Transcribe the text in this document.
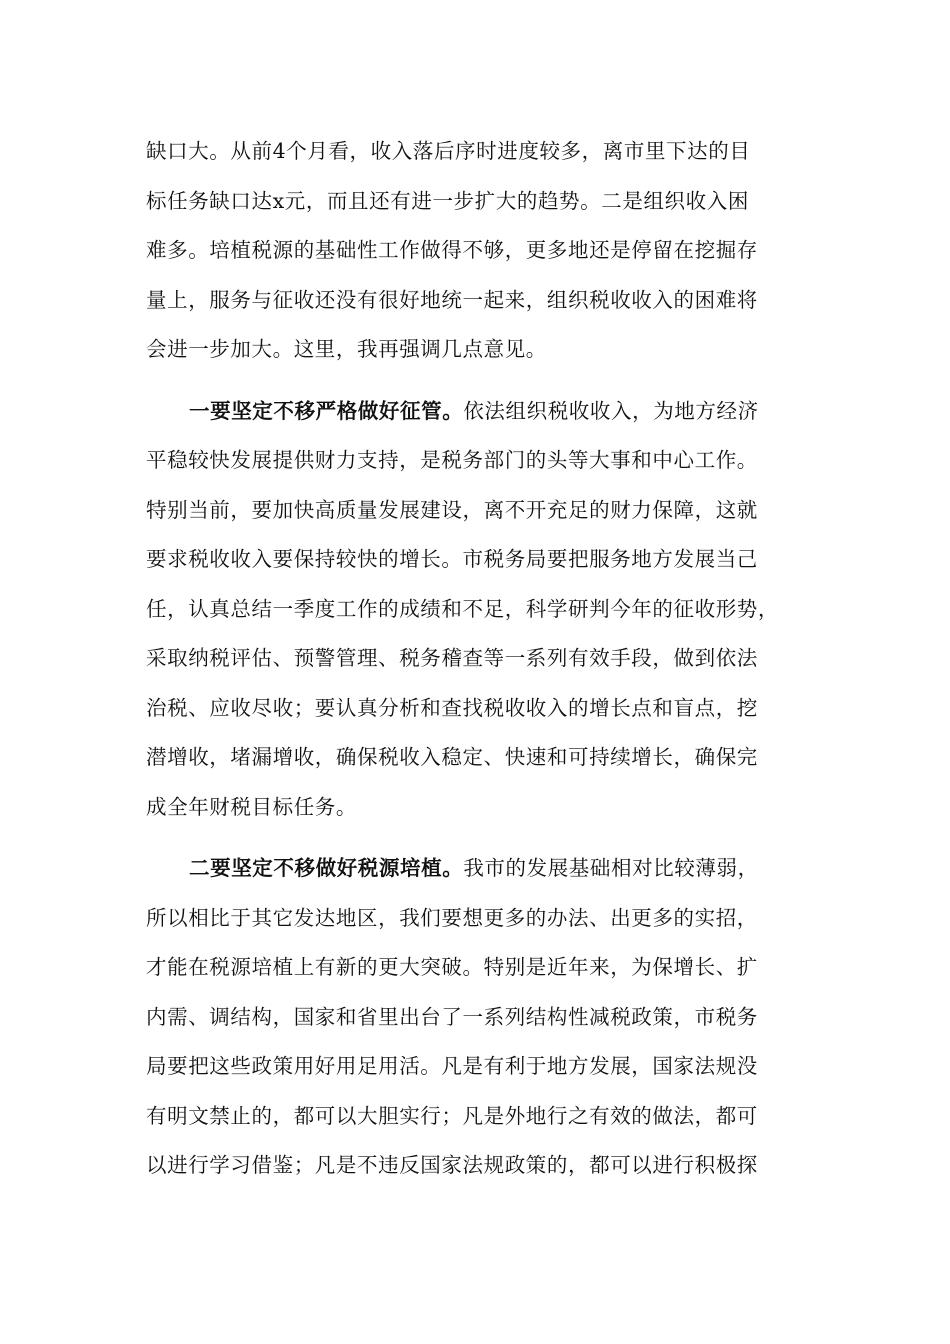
缺口大。从前4个月看，收入落后序时进度较多，离市里下达的目
标任务缺口达x元，而且还有进一步扩大的趋势。二是组织收入困
难多。培植税源的基础性工作做得不够，更多地还是停留在挖掘存
量上，服务与征收还没有很好地统一起来，组织税收收入的困难将
会进一步加大。这里，我再强调几点意见。
一要坚定不移严格做好征管。依法组织税收收入，为地方经济
平稳较快发展提供财力支持，是税务部门的头等大事和中心工作。
特别当前，要加快高质量发展建设，离不开充足的财力保障，这就
要求税收收入要保持较快的增长。市税务局要把服务地方发展当己
任，认真总结一季度工作的成绩和不足，科学研判今年的征收形势，
采取纳税评估、预警管理、税务稽查等一系列有效手段，做到依法
治税、应收尽收；要认真分析和查找税收收入的增长点和盲点，挖
潜增收，堵漏增收，确保税收入稳定、快速和可持续增长，确保完
成全年财税目标任务。
二要坚定不移做好税源培植。我市的发展基础相对比较薄弱，
所以相比于其它发达地区，我们要想更多的办法、出更多的实招，
才能在税源培植上有新的更大突破。特别是近年来，为保增长、扩
内需、调结构，国家和省里出台了一系列结构性减税政策，市税务
局要把这些政策用好用足用活。凡是有利于地方发展，国家法规没
有明文禁止的，都可以大胆实行；凡是外地行之有效的做法，都可
以进行学习借鉴；凡是不违反国家法规政策的，都可以进行积极探
